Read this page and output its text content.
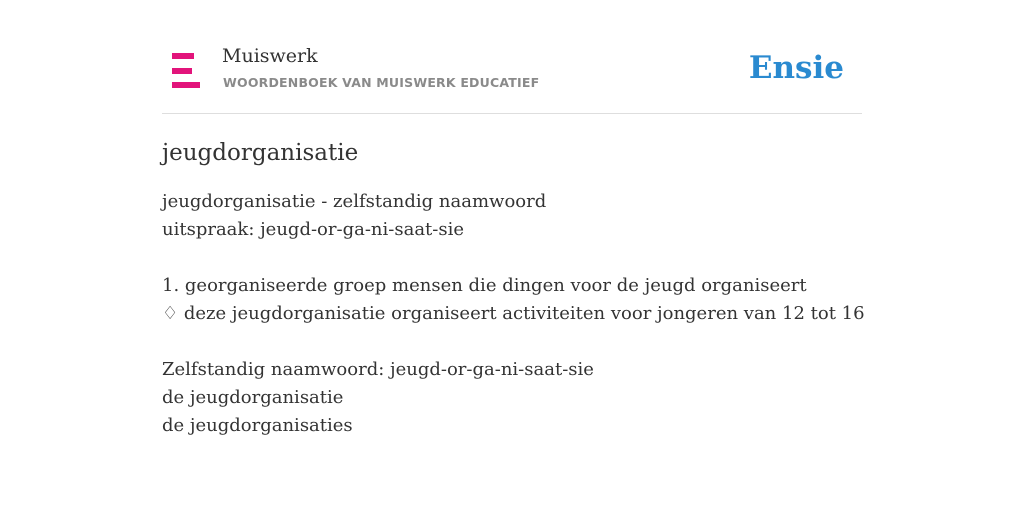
Muiswerk
WOORDENBOEK VAN MUISWERK EDUCATIEF	Ensie
jeugdorganisatie
jeugdorganisatie - zelfstandig naamwoord
uitspraak: jeugd-or-ga-ni-saat-sie
1. georganiseerde groep mensen die dingen voor de jeugd organiseert
♢ deze jeugdorganisatie organiseert activiteiten voor jongeren van 12 tot 16
Zelfstandig naamwoord: jeugd-or-ga-ni-saat-sie
de jeugdorganisatie
de jeugdorganisaties
